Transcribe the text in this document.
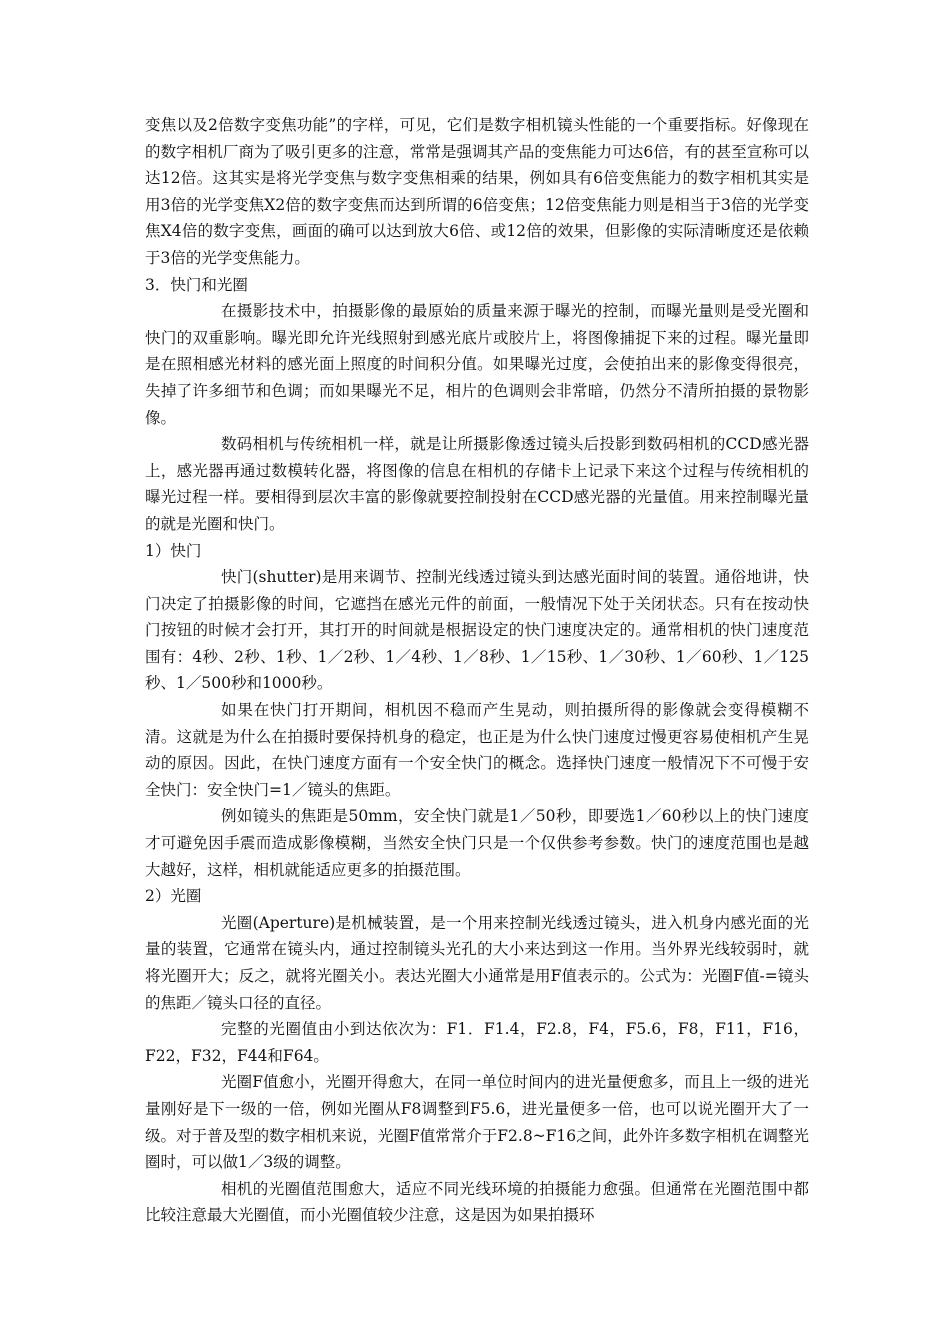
变焦以及2倍数字变焦功能”的字样，可见，它们是数字相机镜头性能的一个重要指标。好像现在的数字相机厂商为了吸引更多的注意，常常是强调其产品的变焦能力可达6倍，有的甚至宣称可以达12倍。这其实是将光学变焦与数字变焦相乘的结果，例如具有6倍变焦能力的数字相机其实是用3倍的光学变焦X2倍的数字变焦而达到所谓的6倍变焦；12倍变焦能力则是相当于3倍的光学变焦X4倍的数字变焦，画面的确可以达到放大6倍、或12倍的效果，但影像的实际清晰度还是依赖于3倍的光学变焦能力。

3．快门和光圈

在摄影技术中，拍摄影像的最原始的质量来源于曝光的控制，而曝光量则是受光圈和快门的双重影响。曝光即允许光线照射到感光底片或胶片上，将图像捕捉下来的过程。曝光量即是在照相感光材料的感光面上照度的时间积分值。如果曝光过度，会使拍出来的影像变得很亮，失掉了许多细节和色调；而如果曝光不足，相片的色调则会非常暗，仍然分不清所拍摄的景物影像。

数码相机与传统相机一样，就是让所摄影像透过镜头后投影到数码相机的CCD感光器上，感光器再通过数模转化器，将图像的信息在相机的存储卡上记录下来这个过程与传统相机的曝光过程一样。要相得到层次丰富的影像就要控制投射在CCD感光器的光量值。用来控制曝光量的就是光圈和快门。

1）快门

快门(shutter)是用来调节、控制光线透过镜头到达感光面时间的装置。通俗地讲，快门决定了拍摄影像的时间，它遮挡在感光元件的前面，一般情况下处于关闭状态。只有在按动快门按钮的时候才会打开，其打开的时间就是根据设定的快门速度决定的。通常相机的快门速度范围有：4秒、2秒、1秒、1／2秒、1／4秒、1／8秒、1／15秒、1／30秒、1／60秒、1／125秒、1／500秒和1000秒。

如果在快门打开期间，相机因不稳而产生晃动，则拍摄所得的影像就会变得模糊不清。这就是为什么在拍摄时要保持机身的稳定，也正是为什么快门速度过慢更容易使相机产生晃动的原因。因此，在快门速度方面有一个安全快门的概念。选择快门速度一般情况下不可慢于安全快门：安全快门=1／镜头的焦距。

例如镜头的焦距是50mm，安全快门就是1／50秒，即要选1／60秒以上的快门速度才可避免因手震而造成影像模糊，当然安全快门只是一个仅供参考参数。快门的速度范围也是越大越好，这样，相机就能适应更多的拍摄范围。

2）光圈

光圈(Aperture)是机械装置，是一个用来控制光线透过镜头，进入机身内感光面的光量的装置，它通常在镜头内，通过控制镜头光孔的大小来达到这一作用。当外界光线较弱时，就将光圈开大；反之，就将光圈关小。表达光圈大小通常是用F值表示的。公式为：光圈F值-=镜头的焦距／镜头口径的直径。

完整的光圈值由小到达依次为：F1．F1.4，F2.8，F4，F5.6，F8，F11，F16，F22，F32，F44和F64。

光圈F值愈小，光圈开得愈大，在同一单位时间内的进光量便愈多，而且上一级的进光量刚好是下一级的一倍，例如光圈从F8调整到F5.6，进光量便多一倍，也可以说光圈开大了一级。对于普及型的数字相机来说，光圈F值常常介于F2.8~F16之间，此外许多数字相机在调整光圈时，可以做1／3级的调整。

相机的光圈值范围愈大，适应不同光线环境的拍摄能力愈强。但通常在光圈范围中都比较注意最大光圈值，而小光圈值较少注意，这是因为如果拍摄环
